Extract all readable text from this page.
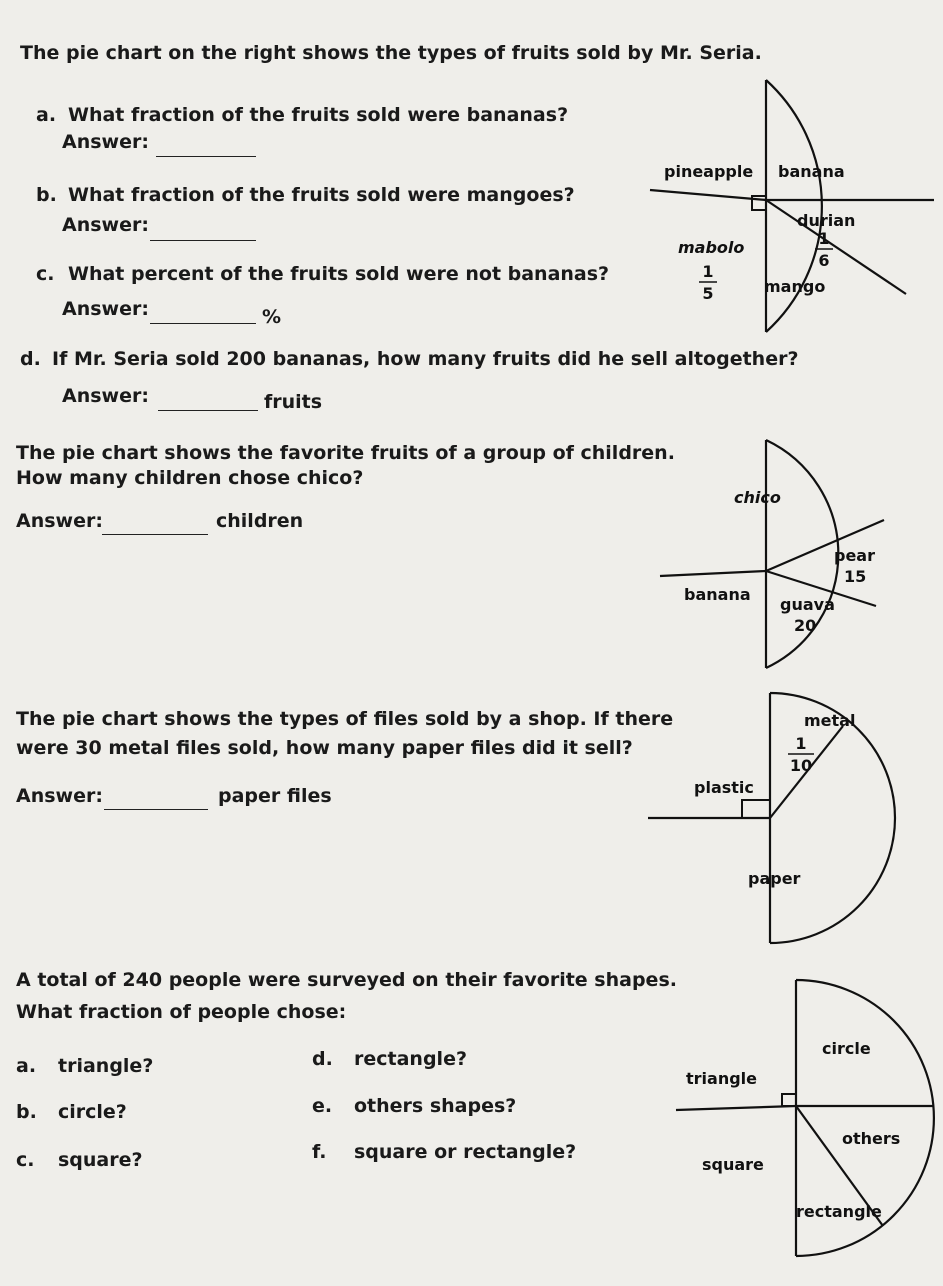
The pie chart on the right shows the types of fruits sold by Mr. Seria.
a. What fraction of the fruits sold were bananas?
Answer:
b. What fraction of the fruits sold were mangoes?
Answer:
c. What percent of the fruits sold were not bananas?
Answer:	%
d. If Mr. Seria sold 200 bananas, how many fruits did he sell altogether?
Answer:	fruits
pineapple banana
durian
1
6
mabolo
1
5	mango
The pie chart shows the favorite fruits of a group of children.
How many children chose chico?
Answer:	children
chico
pear
15
banana
guava
20
The pie chart shows the types of files sold by a shop. If there
were 30 metal files sold, how many paper files did it sell?
Answer:	paper files
metal
1
10
plastic
paper
A total of 240 people were surveyed on their favorite shapes.
What fraction of people chose:
a. triangle?
b. circle?
c. square?
d. rectangle?
e. others shapes?
f. square or rectangle?
circle
triangle
others
square
rectangle
